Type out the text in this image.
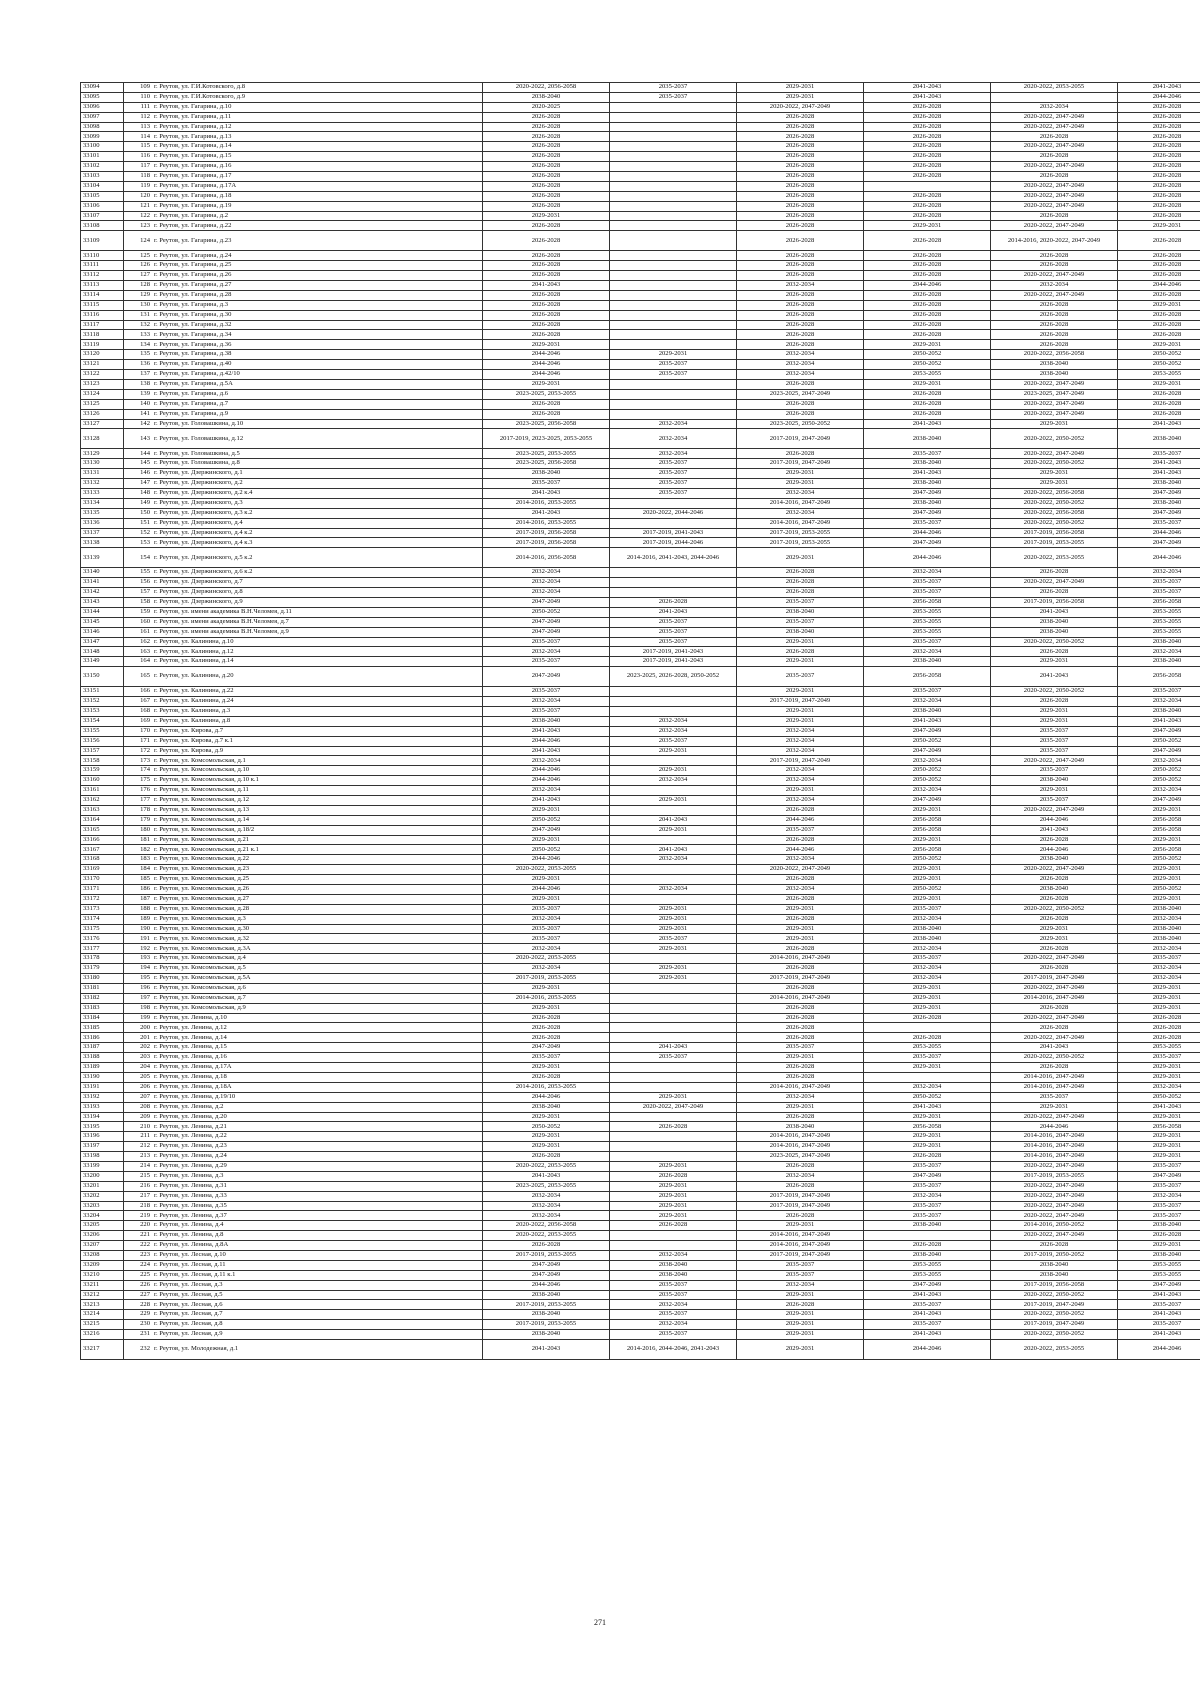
33094	109	г. Реутов, ул. Г.И.Котовского, д.8	2020-2022, 2056-2058	2035-2037	2029-2031	2041-2043	2020-2022, 2053-2055	2041-2043
33095	110	г. Реутов, ул. Г.И.Котовского, д.9	2038-2040	2035-2037	2029-2031	2041-2043		2044-2046
33096	111	г. Реутов, ул. Гагарина, д.10	2020-2025		2020-2022, 2047-2049	2026-2028	2032-2034	2026-2028
33097	112	г. Реутов, ул. Гагарина, д.11	2026-2028		2026-2028	2026-2028	2020-2022, 2047-2049	2026-2028
33098	113	г. Реутов, ул. Гагарина, д.12	2026-2028		2026-2028	2026-2028	2020-2022, 2047-2049	2026-2028
33099	114	г. Реутов, ул. Гагарина, д.13	2026-2028		2026-2028	2026-2028	2026-2028	2026-2028
33100	115	г. Реутов, ул. Гагарина, д.14	2026-2028		2026-2028	2026-2028	2020-2022, 2047-2049	2026-2028
33101	116	г. Реутов, ул. Гагарина, д.15	2026-2028		2026-2028	2026-2028	2026-2028	2026-2028
33102	117	г. Реутов, ул. Гагарина, д.16	2026-2028		2026-2028	2026-2028	2020-2022, 2047-2049	2026-2028
33103	118	г. Реутов, ул. Гагарина, д.17	2026-2028		2026-2028	2026-2028	2026-2028	2026-2028
33104	119	г. Реутов, ул. Гагарина, д.17А	2026-2028		2026-2028		2020-2022, 2047-2049	2026-2028
33105	120	г. Реутов, ул. Гагарина, д.18	2026-2028		2026-2028	2026-2028	2020-2022, 2047-2049	2026-2028
33106	121	г. Реутов, ул. Гагарина, д.19	2026-2028		2026-2028	2026-2028	2020-2022, 2047-2049	2026-2028
33107	122	г. Реутов, ул. Гагарина, д.2	2029-2031		2026-2028	2026-2028	2026-2028	2026-2028
33108	123	г. Реутов, ул. Гагарина, д.22	2026-2028		2026-2028	2029-2031	2020-2022, 2047-2049	2029-2031
33109	124	г. Реутов, ул. Гагарина, д.23	2026-2028		2026-2028	2026-2028	2014-2016, 2020-2022, 2047-2049	2026-2028
33110	125	г. Реутов, ул. Гагарина, д.24	2026-2028		2026-2028	2026-2028	2026-2028	2026-2028
33111	126	г. Реутов, ул. Гагарина, д.25	2026-2028		2026-2028	2026-2028	2026-2028	2026-2028
33112	127	г. Реутов, ул. Гагарина, д.26	2026-2028		2026-2028	2026-2028	2020-2022, 2047-2049	2026-2028
33113	128	г. Реутов, ул. Гагарина, д.27	2041-2043		2032-2034	2044-2046	2032-2034	2044-2046
33114	129	г. Реутов, ул. Гагарина, д.28	2026-2028		2026-2028	2026-2028	2020-2022, 2047-2049	2026-2028
33115	130	г. Реутов, ул. Гагарина, д.3	2026-2028		2026-2028	2026-2028	2026-2028	2029-2031
33116	131	г. Реутов, ул. Гагарина, д.30	2026-2028		2026-2028	2026-2028	2026-2028	2026-2028
33117	132	г. Реутов, ул. Гагарина, д.32	2026-2028		2026-2028	2026-2028	2026-2028	2026-2028
33118	133	г. Реутов, ул. Гагарина, д.34	2026-2028		2026-2028	2026-2028	2026-2028	2026-2028
33119	134	г. Реутов, ул. Гагарина, д.36	2029-2031		2026-2028	2029-2031	2026-2028	2029-2031
33120	135	г. Реутов, ул. Гагарина, д.38	2044-2046	2029-2031	2032-2034	2050-2052	2020-2022, 2056-2058	2050-2052
33121	136	г. Реутов, ул. Гагарина, д.40	2044-2046	2035-2037	2032-2034	2050-2052	2038-2040	2050-2052
33122	137	г. Реутов, ул. Гагарина, д.42/10	2044-2046	2035-2037	2032-2034	2053-2055	2038-2040	2053-2055
33123	138	г. Реутов, ул. Гагарина, д.5А	2029-2031		2026-2028	2029-2031	2020-2022, 2047-2049	2029-2031
33124	139	г. Реутов, ул. Гагарина, д.6	2023-2025, 2053-2055		2023-2025, 2047-2049	2026-2028	2023-2025, 2047-2049	2026-2028
33125	140	г. Реутов, ул. Гагарина, д.7	2026-2028		2026-2028	2026-2028	2020-2022, 2047-2049	2026-2028
33126	141	г. Реутов, ул. Гагарина, д.9	2026-2028		2026-2028	2026-2028	2020-2022, 2047-2049	2026-2028
33127	142	г. Реутов, ул. Головашкина, д.10	2023-2025, 2056-2058	2032-2034	2023-2025, 2050-2052	2041-2043	2029-2031	2041-2043
33128	143	г. Реутов, ул. Головашкина, д.12	2017-2019, 2023-2025, 2053-2055	2032-2034	2017-2019, 2047-2049	2038-2040	2020-2022, 2050-2052	2038-2040
33129	144	г. Реутов, ул. Головашкина, д.5	2023-2025, 2053-2055	2032-2034	2026-2028	2035-2037	2020-2022, 2047-2049	2035-2037
33130	145	г. Реутов, ул. Головашкина, д.8	2023-2025, 2056-2058	2035-2037	2017-2019, 2047-2049	2038-2040	2020-2022, 2050-2052	2041-2043
33131	146	г. Реутов, ул. Дзержинского, д.1	2038-2040	2035-2037	2029-2031	2041-2043	2029-2031	2041-2043
33132	147	г. Реутов, ул. Дзержинского, д.2	2035-2037	2035-2037	2029-2031	2038-2040	2029-2031	2038-2040
33133	148	г. Реутов, ул. Дзержинского, д.2 к.4	2041-2043	2035-2037	2032-2034	2047-2049	2020-2022, 2056-2058	2047-2049
33134	149	г. Реутов, ул. Дзержинского, д.3	2014-2016, 2053-2055		2014-2016, 2047-2049	2038-2040	2020-2022, 2050-2052	2038-2040
33135	150	г. Реутов, ул. Дзержинского, д.3 к.2	2041-2043	2020-2022, 2044-2046	2032-2034	2047-2049	2020-2022, 2056-2058	2047-2049
33136	151	г. Реутов, ул. Дзержинского, д.4	2014-2016, 2053-2055		2014-2016, 2047-2049	2035-2037	2020-2022, 2050-2052	2035-2037
33137	152	г. Реутов, ул. Дзержинского, д.4 к.2	2017-2019, 2056-2058	2017-2019, 2041-2043	2017-2019, 2053-2055	2044-2046	2017-2019, 2056-2058	2044-2046
33138	153	г. Реутов, ул. Дзержинского, д.4 к.3	2017-2019, 2056-2058	2017-2019, 2044-2046	2017-2019, 2053-2055	2047-2049	2017-2019, 2053-2055	2047-2049
33139	154	г. Реутов, ул. Дзержинского, д.5 к.2	2014-2016, 2056-2058	2014-2016, 2041-2043, 2044-2046	2029-2031	2044-2046	2020-2022, 2053-2055	2044-2046
33140	155	г. Реутов, ул. Дзержинского, д.6 к.2	2032-2034		2026-2028	2032-2034	2026-2028	2032-2034
33141	156	г. Реутов, ул. Дзержинского, д.7	2032-2034		2026-2028	2035-2037	2020-2022, 2047-2049	2035-2037
33142	157	г. Реутов, ул. Дзержинского, д.8	2032-2034		2026-2028	2035-2037	2026-2028	2035-2037
33143	158	г. Реутов, ул. Дзержинского, д.9	2047-2049	2026-2028	2035-2037	2056-2058	2017-2019, 2056-2058	2056-2058
33144	159	г. Реутов, ул. имени академика В.Н.Челомея, д.11	2050-2052	2041-2043	2038-2040	2053-2055	2041-2043	2053-2055
33145	160	г. Реутов, ул. имени академика В.Н.Челомея, д.7	2047-2049	2035-2037	2035-2037	2053-2055	2038-2040	2053-2055
33146	161	г. Реутов, ул. имени академика В.Н.Челомея, д.9	2047-2049	2035-2037	2038-2040	2053-2055	2038-2040	2053-2055
33147	162	г. Реутов, ул. Калинина, д.10	2035-2037	2035-2037	2029-2031	2035-2037	2020-2022, 2050-2052	2038-2040
33148	163	г. Реутов, ул. Калинина, д.12	2032-2034	2017-2019, 2041-2043	2026-2028	2032-2034	2026-2028	2032-2034
33149	164	г. Реутов, ул. Калинина, д.14	2035-2037	2017-2019, 2041-2043	2029-2031	2038-2040	2029-2031	2038-2040
33150	165	г. Реутов, ул. Калинина, д.20	2047-2049	2023-2025, 2026-2028, 2050-2052	2035-2037	2056-2058	2041-2043	2056-2058
33151	166	г. Реутов, ул. Калинина, д.22	2035-2037		2029-2031	2035-2037	2020-2022, 2050-2052	2035-2037
33152	167	г. Реутов, ул. Калинина, д.24	2032-2034		2017-2019, 2047-2049	2032-2034	2026-2028	2032-2034
33153	168	г. Реутов, ул. Калинина, д.3	2035-2037		2029-2031	2038-2040	2029-2031	2038-2040
33154	169	г. Реутов, ул. Калинина, д.8	2038-2040	2032-2034	2029-2031	2041-2043	2029-2031	2041-2043
33155	170	г. Реутов, ул. Кирова, д.7	2041-2043	2032-2034	2032-2034	2047-2049	2035-2037	2047-2049
33156	171	г. Реутов, ул. Кирова, д.7 к.1	2044-2046	2035-2037	2032-2034	2050-2052	2035-2037	2050-2052
33157	172	г. Реутов, ул. Кирова, д.9	2041-2043	2029-2031	2032-2034	2047-2049	2035-2037	2047-2049
33158	173	г. Реутов, ул. Комсомольская, д.1	2032-2034		2017-2019, 2047-2049	2032-2034	2020-2022, 2047-2049	2032-2034
33159	174	г. Реутов, ул. Комсомольская, д.10	2044-2046	2029-2031	2032-2034	2050-2052	2035-2037	2050-2052
33160	175	г. Реутов, ул. Комсомольская, д.10 к.1	2044-2046	2032-2034	2032-2034	2050-2052	2038-2040	2050-2052
33161	176	г. Реутов, ул. Комсомольская, д.11	2032-2034		2029-2031	2032-2034	2029-2031	2032-2034
33162	177	г. Реутов, ул. Комсомольская, д.12	2041-2043	2029-2031	2032-2034	2047-2049	2035-2037	2047-2049
33163	178	г. Реутов, ул. Комсомольская, д.13	2029-2031		2026-2028	2029-2031	2020-2022, 2047-2049	2029-2031
33164	179	г. Реутов, ул. Комсомольская, д.14	2050-2052	2041-2043	2044-2046	2056-2058	2044-2046	2056-2058
33165	180	г. Реутов, ул. Комсомольская, д.18/2	2047-2049	2029-2031	2035-2037	2056-2058	2041-2043	2056-2058
33166	181	г. Реутов, ул. Комсомольская, д.21	2029-2031		2026-2028	2029-2031	2026-2028	2029-2031
33167	182	г. Реутов, ул. Комсомольская, д.21 к.1	2050-2052	2041-2043	2044-2046	2056-2058	2044-2046	2056-2058
33168	183	г. Реутов, ул. Комсомольская, д.22	2044-2046	2032-2034	2032-2034	2050-2052	2038-2040	2050-2052
33169	184	г. Реутов, ул. Комсомольская, д.23	2020-2022, 2053-2055		2020-2022, 2047-2049	2029-2031	2020-2022, 2047-2049	2029-2031
33170	185	г. Реутов, ул. Комсомольская, д.25	2029-2031		2026-2028	2029-2031	2026-2028	2029-2031
33171	186	г. Реутов, ул. Комсомольская, д.26	2044-2046	2032-2034	2032-2034	2050-2052	2038-2040	2050-2052
33172	187	г. Реутов, ул. Комсомольская, д.27	2029-2031		2026-2028	2029-2031	2026-2028	2029-2031
33173	188	г. Реутов, ул. Комсомольская, д.28	2035-2037	2029-2031	2029-2031	2035-2037	2020-2022, 2050-2052	2038-2040
33174	189	г. Реутов, ул. Комсомольская, д.3	2032-2034	2029-2031	2026-2028	2032-2034	2026-2028	2032-2034
33175	190	г. Реутов, ул. Комсомольская, д.30	2035-2037	2029-2031	2029-2031	2038-2040	2029-2031	2038-2040
33176	191	г. Реутов, ул. Комсомольская, д.32	2035-2037	2035-2037	2029-2031	2038-2040	2029-2031	2038-2040
33177	192	г. Реутов, ул. Комсомольская, д.3А	2032-2034	2029-2031	2026-2028	2032-2034	2026-2028	2032-2034
33178	193	г. Реутов, ул. Комсомольская, д.4	2020-2022, 2053-2055		2014-2016, 2047-2049	2035-2037	2020-2022, 2047-2049	2035-2037
33179	194	г. Реутов, ул. Комсомольская, д.5	2032-2034	2029-2031	2026-2028	2032-2034	2026-2028	2032-2034
33180	195	г. Реутов, ул. Комсомольская, д.5А	2017-2019, 2053-2055	2029-2031	2017-2019, 2047-2049	2032-2034	2017-2019, 2047-2049	2032-2034
33181	196	г. Реутов, ул. Комсомольская, д.6	2029-2031		2026-2028	2029-2031	2020-2022, 2047-2049	2029-2031
33182	197	г. Реутов, ул. Комсомольская, д.7	2014-2016, 2053-2055		2014-2016, 2047-2049	2029-2031	2014-2016, 2047-2049	2029-2031
33183	198	г. Реутов, ул. Комсомольская, д.9	2029-2031		2026-2028	2029-2031	2026-2028	2029-2031
33184	199	г. Реутов, ул. Ленина, д.10	2026-2028		2026-2028	2026-2028	2020-2022, 2047-2049	2026-2028
33185	200	г. Реутов, ул. Ленина, д.12	2026-2028		2026-2028		2026-2028	2026-2028
33186	201	г. Реутов, ул. Ленина, д.14	2026-2028		2026-2028	2026-2028	2020-2022, 2047-2049	2026-2028
33187	202	г. Реутов, ул. Ленина, д.15	2047-2049	2041-2043	2035-2037	2053-2055	2041-2043	2053-2055
33188	203	г. Реутов, ул. Ленина, д.16	2035-2037	2035-2037	2029-2031	2035-2037	2020-2022, 2050-2052	2035-2037
33189	204	г. Реутов, ул. Ленина, д.17А	2029-2031		2026-2028	2029-2031	2026-2028	2029-2031
33190	205	г. Реутов, ул. Ленина, д.18	2026-2028		2026-2028		2014-2016, 2047-2049	2029-2031
33191	206	г. Реутов, ул. Ленина, д.18А	2014-2016, 2053-2055		2014-2016, 2047-2049	2032-2034	2014-2016, 2047-2049	2032-2034
33192	207	г. Реутов, ул. Ленина, д.19/10	2044-2046	2029-2031	2032-2034	2050-2052	2035-2037	2050-2052
33193	208	г. Реутов, ул. Ленина, д.2	2038-2040	2020-2022, 2047-2049	2029-2031	2041-2043	2029-2031	2041-2043
33194	209	г. Реутов, ул. Ленина, д.20	2029-2031		2026-2028	2029-2031	2020-2022, 2047-2049	2029-2031
33195	210	г. Реутов, ул. Ленина, д.21	2050-2052	2026-2028	2038-2040	2056-2058	2044-2046	2056-2058
33196	211	г. Реутов, ул. Ленина, д.22	2029-2031		2014-2016, 2047-2049	2029-2031	2014-2016, 2047-2049	2029-2031
33197	212	г. Реутов, ул. Ленина, д.23	2029-2031		2014-2016, 2047-2049	2029-2031	2014-2016, 2047-2049	2029-2031
33198	213	г. Реутов, ул. Ленина, д.24	2026-2028		2023-2025, 2047-2049	2026-2028	2014-2016, 2047-2049	2029-2031
33199	214	г. Реутов, ул. Ленина, д.29	2020-2022, 2053-2055	2029-2031	2026-2028	2035-2037	2020-2022, 2047-2049	2035-2037
33200	215	г. Реутов, ул. Ленина, д.3	2041-2043	2026-2028	2032-2034	2047-2049	2017-2019, 2053-2055	2047-2049
33201	216	г. Реутов, ул. Ленина, д.31	2023-2025, 2053-2055	2029-2031	2026-2028	2035-2037	2020-2022, 2047-2049	2035-2037
33202	217	г. Реутов, ул. Ленина, д.33	2032-2034	2029-2031	2017-2019, 2047-2049	2032-2034	2020-2022, 2047-2049	2032-2034
33203	218	г. Реутов, ул. Ленина, д.35	2032-2034	2029-2031	2017-2019, 2047-2049	2035-2037	2020-2022, 2047-2049	2035-2037
33204	219	г. Реутов, ул. Ленина, д.37	2032-2034	2029-2031	2026-2028	2035-2037	2020-2022, 2047-2049	2035-2037
33205	220	г. Реутов, ул. Ленина, д.4	2020-2022, 2056-2058	2026-2028	2029-2031	2038-2040	2014-2016, 2050-2052	2038-2040
33206	221	г. Реутов, ул. Ленина, д.8	2020-2022, 2053-2055		2014-2016, 2047-2049		2020-2022, 2047-2049	2026-2028
33207	222	г. Реутов, ул. Ленина, д.8А	2026-2028		2014-2016, 2047-2049	2026-2028	2026-2028	2029-2031
33208	223	г. Реутов, ул. Лесная, д.10	2017-2019, 2053-2055	2032-2034	2017-2019, 2047-2049	2038-2040	2017-2019, 2050-2052	2038-2040
33209	224	г. Реутов, ул. Лесная, д.11	2047-2049	2038-2040	2035-2037	2053-2055	2038-2040	2053-2055
33210	225	г. Реутов, ул. Лесная, д.11 к.1	2047-2049	2038-2040	2035-2037	2053-2055	2038-2040	2053-2055
33211	226	г. Реутов, ул. Лесная, д.3	2044-2046	2035-2037	2032-2034	2047-2049	2017-2019, 2056-2058	2047-2049
33212	227	г. Реутов, ул. Лесная, д.5	2038-2040	2035-2037	2029-2031	2041-2043	2020-2022, 2050-2052	2041-2043
33213	228	г. Реутов, ул. Лесная, д.6	2017-2019, 2053-2055	2032-2034	2026-2028	2035-2037	2017-2019, 2047-2049	2035-2037
33214	229	г. Реутов, ул. Лесная, д.7	2038-2040	2035-2037	2029-2031	2041-2043	2020-2022, 2050-2052	2041-2043
33215	230	г. Реутов, ул. Лесная, д.8	2017-2019, 2053-2055	2032-2034	2029-2031	2035-2037	2017-2019, 2047-2049	2035-2037
33216	231	г. Реутов, ул. Лесная, д.9	2038-2040	2035-2037	2029-2031	2041-2043	2020-2022, 2050-2052	2041-2043
33217	232	г. Реутов, ул. Молодежная, д.1	2041-2043	2014-2016, 2044-2046, 2041-2043	2029-2031	2044-2046	2020-2022, 2053-2055	2044-2046
271
